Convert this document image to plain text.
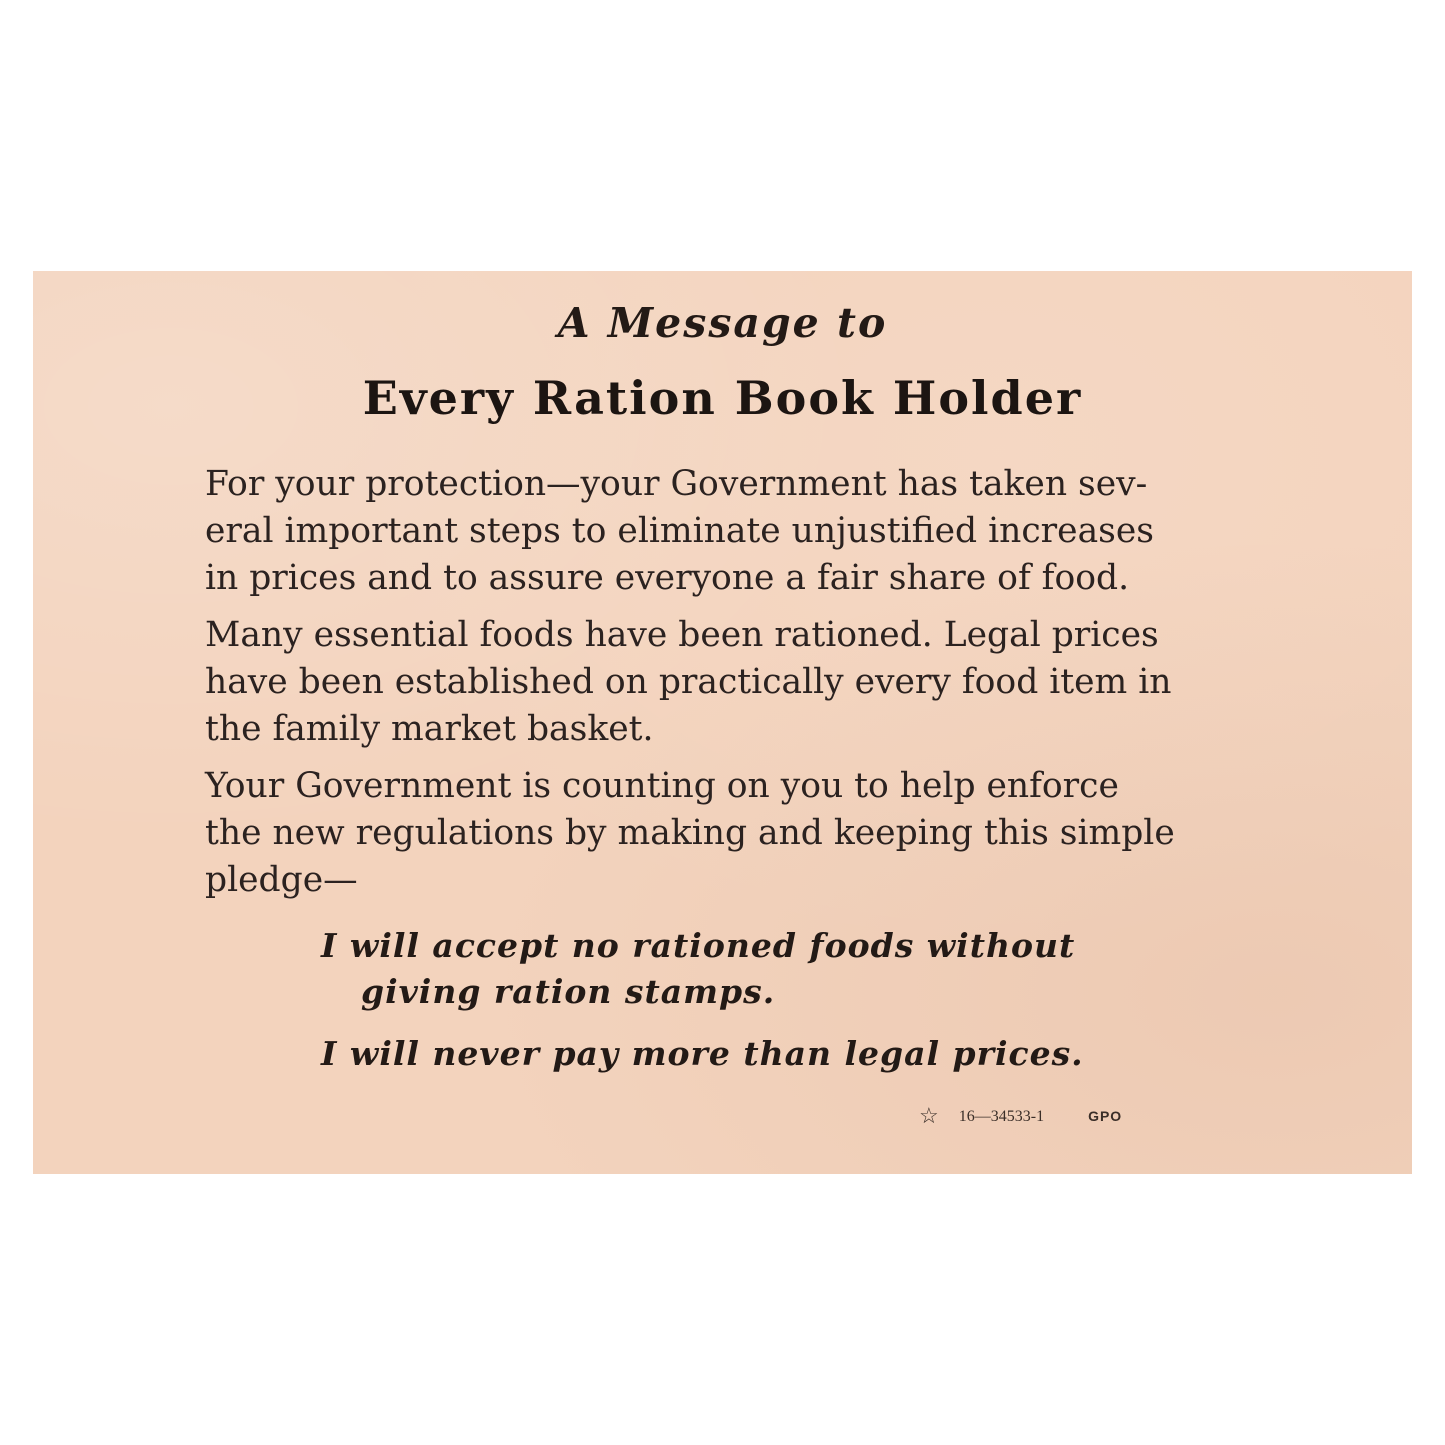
A Message to
Every Ration Book Holder
For your protection—your Government has taken sev-
eral important steps to eliminate unjustified increases
in prices and to assure everyone a fair share of food.
Many essential foods have been rationed. Legal prices
have been established on practically every food item in
the family market basket.
Your Government is counting on you to help enforce
the new regulations by making and keeping this simple
pledge—
I will accept no rationed foods without
giving ration stamps.
I will never pay more than legal prices.
☆ 16—34533-1	GPO
